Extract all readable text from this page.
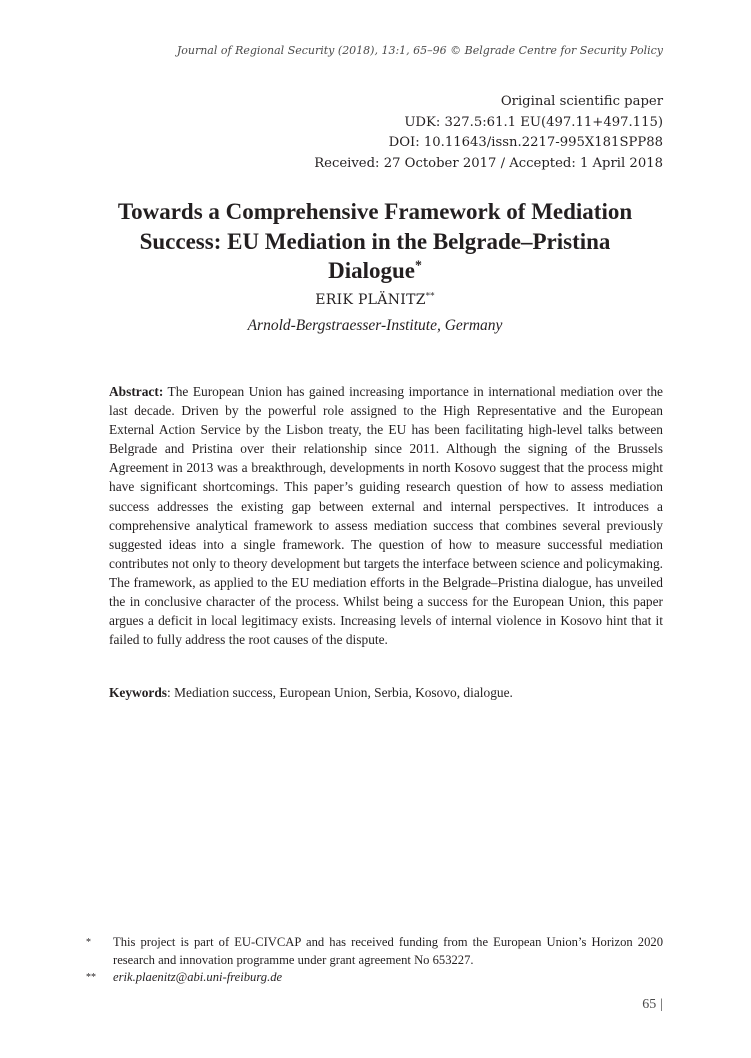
Journal of Regional Security (2018), 13:1, 65–96 © Belgrade Centre for Security Policy
Original scientific paper
UDK: 327.5:61.1 EU(497.11+497.115)
DOI: 10.11643/issn.2217-995X181SPP88
Received: 27 October 2017 / Accepted: 1 April 2018
Towards a Comprehensive Framework of Mediation
Success: EU Mediation in the Belgrade–Pristina
Dialogue*
ERIK PLÄNITZ**
Arnold-Bergstraesser-Institute, Germany

Abstract: The European Union has gained increasing importance in international mediation over the last decade. Driven by the powerful role assigned to the High Representative and the European External Action Service by the Lisbon treaty, the EU has been facilitating high-level talks between Belgrade and Pristina over their relationship since 2011. Although the signing of the Brussels Agreement in 2013 was a breakthrough, developments in north Kosovo suggest that the process might have significant shortcomings. This paper’s guiding research question of how to assess mediation success addresses the existing gap between external and internal perspectives. It introduces a comprehensive analytical framework to assess mediation success that combines several previously suggested ideas into a single framework. The question of how to measure successful mediation contributes not only to theory development but targets the interface between science and policymaking. The framework, as applied to the EU mediation efforts in the Belgrade–Pristina dialogue, has unveiled the in conclusive character of the process. Whilst being a success for the European Union, this paper argues a deficit in local legitimacy exists. Increasing levels of internal violence in Kosovo hint that it failed to fully address the root causes of the dispute.

Keywords: Mediation success, European Union, Serbia, Kosovo, dialogue.

*	This project is part of EU-CIVCAP and has received funding from the European Union’s Horizon 2020 research and innovation programme under grant agreement No 653227.
**	erik.plaenitz@abi.uni-freiburg.de
65 |
